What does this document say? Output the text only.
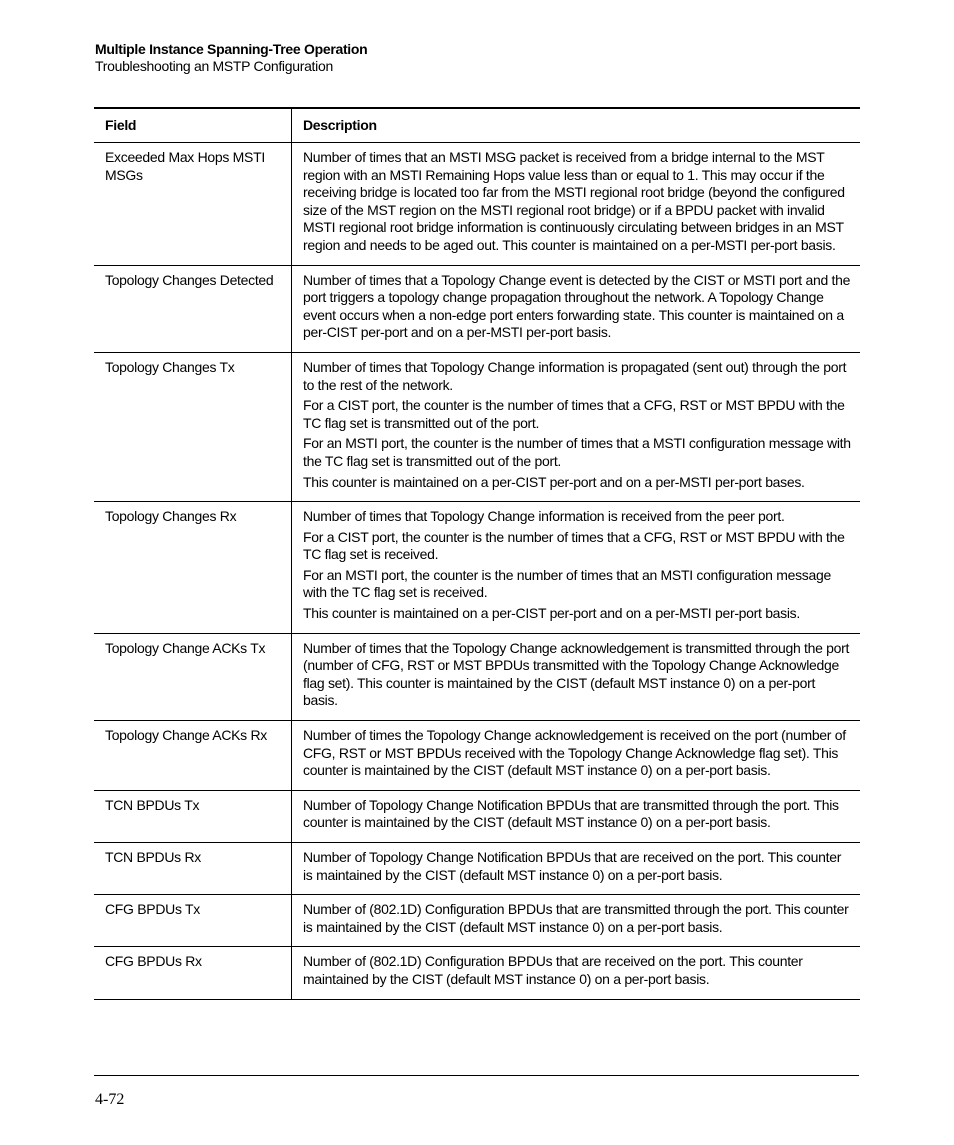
Multiple Instance Spanning-Tree Operation
Troubleshooting an MSTP Configuration
Field	Description
Exceeded Max Hops MSTI MSGs	Number of times that an MSTI MSG packet is received from a bridge internal to the MST region with an MSTI Remaining Hops value less than or equal to 1. This may occur if the receiving bridge is located too far from the MSTI regional root bridge (beyond the configured size of the MST region on the MSTI regional root bridge) or if a BPDU packet with invalid MSTI regional root bridge information is continuously circulating between bridges in an MST region and needs to be aged out. This counter is maintained on a per-MSTI per-port basis.

Topology Changes Detected	Number of times that a Topology Change event is detected by the CIST or MSTI port and the port triggers a topology change propagation throughout the network. A Topology Change event occurs when a non-edge port enters forwarding state. This counter is maintained on a per-CIST per-port and on a per-MSTI per-port basis.

Topology Changes Tx	Number of times that Topology Change information is propagated (sent out) through the port to the rest of the network.

For a CIST port, the counter is the number of times that a CFG, RST or MST BPDU with the TC flag set is transmitted out of the port.

For an MSTI port, the counter is the number of times that a MSTI configuration message with the TC flag set is transmitted out of the port.

This counter is maintained on a per-CIST per-port and on a per-MSTI per-port bases.

Topology Changes Rx	Number of times that Topology Change information is received from the peer port.

For a CIST port, the counter is the number of times that a CFG, RST or MST BPDU with the TC flag set is received.

For an MSTI port, the counter is the number of times that an MSTI configuration message with the TC flag set is received.

This counter is maintained on a per-CIST per-port and on a per-MSTI per-port basis.

Topology Change ACKs Tx	Number of times that the Topology Change acknowledgement is transmitted through the port (number of CFG, RST or MST BPDUs transmitted with the Topology Change Acknowledge flag set). This counter is maintained by the CIST (default MST instance 0) on a per-port basis.

Topology Change ACKs Rx	Number of times the Topology Change acknowledgement is received on the port (number of CFG, RST or MST BPDUs received with the Topology Change Acknowledge flag set). This counter is maintained by the CIST (default MST instance 0) on a per-port basis.

TCN BPDUs Tx	Number of Topology Change Notification BPDUs that are transmitted through the port. This counter is maintained by the CIST (default MST instance 0) on a per-port basis.

TCN BPDUs Rx	Number of Topology Change Notification BPDUs that are received on the port. This counter is maintained by the CIST (default MST instance 0) on a per-port basis.

CFG BPDUs Tx	Number of (802.1D) Configuration BPDUs that are transmitted through the port. This counter is maintained by the CIST (default MST instance 0) on a per-port basis.

CFG BPDUs Rx	Number of (802.1D) Configuration BPDUs that are received on the port. This counter maintained by the CIST (default MST instance 0) on a per-port basis.

4-72
